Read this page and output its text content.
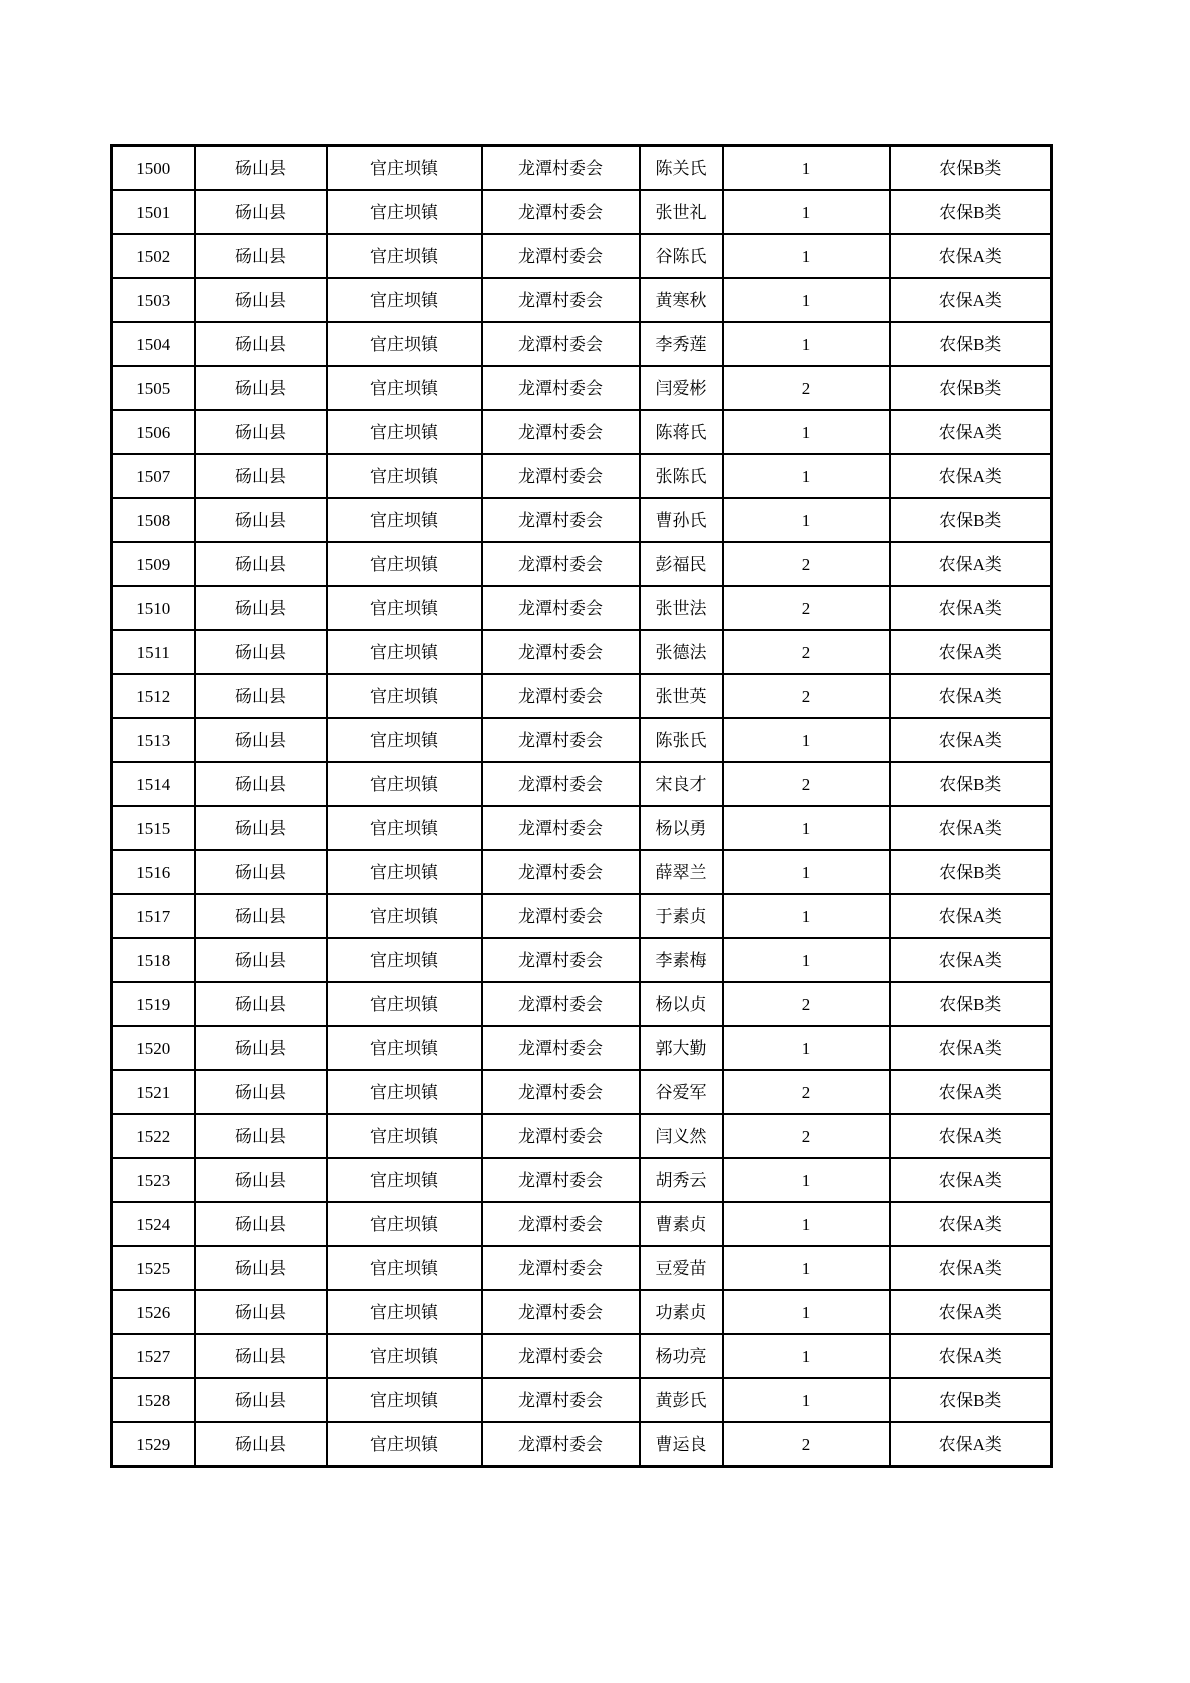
1500	砀山县	官庄坝镇	龙潭村委会	陈关氏	1	农保B类
1501	砀山县	官庄坝镇	龙潭村委会	张世礼	1	农保B类
1502	砀山县	官庄坝镇	龙潭村委会	谷陈氏	1	农保A类
1503	砀山县	官庄坝镇	龙潭村委会	黄寒秋	1	农保A类
1504	砀山县	官庄坝镇	龙潭村委会	李秀莲	1	农保B类
1505	砀山县	官庄坝镇	龙潭村委会	闫爱彬	2	农保B类
1506	砀山县	官庄坝镇	龙潭村委会	陈蒋氏	1	农保A类
1507	砀山县	官庄坝镇	龙潭村委会	张陈氏	1	农保A类
1508	砀山县	官庄坝镇	龙潭村委会	曹孙氏	1	农保B类
1509	砀山县	官庄坝镇	龙潭村委会	彭福民	2	农保A类
1510	砀山县	官庄坝镇	龙潭村委会	张世法	2	农保A类
1511	砀山县	官庄坝镇	龙潭村委会	张德法	2	农保A类
1512	砀山县	官庄坝镇	龙潭村委会	张世英	2	农保A类
1513	砀山县	官庄坝镇	龙潭村委会	陈张氏	1	农保A类
1514	砀山县	官庄坝镇	龙潭村委会	宋良才	2	农保B类
1515	砀山县	官庄坝镇	龙潭村委会	杨以勇	1	农保A类
1516	砀山县	官庄坝镇	龙潭村委会	薛翠兰	1	农保B类
1517	砀山县	官庄坝镇	龙潭村委会	于素贞	1	农保A类
1518	砀山县	官庄坝镇	龙潭村委会	李素梅	1	农保A类
1519	砀山县	官庄坝镇	龙潭村委会	杨以贞	2	农保B类
1520	砀山县	官庄坝镇	龙潭村委会	郭大勤	1	农保A类
1521	砀山县	官庄坝镇	龙潭村委会	谷爱军	2	农保A类
1522	砀山县	官庄坝镇	龙潭村委会	闫义然	2	农保A类
1523	砀山县	官庄坝镇	龙潭村委会	胡秀云	1	农保A类
1524	砀山县	官庄坝镇	龙潭村委会	曹素贞	1	农保A类
1525	砀山县	官庄坝镇	龙潭村委会	豆爱苗	1	农保A类
1526	砀山县	官庄坝镇	龙潭村委会	功素贞	1	农保A类
1527	砀山县	官庄坝镇	龙潭村委会	杨功亮	1	农保A类
1528	砀山县	官庄坝镇	龙潭村委会	黄彭氏	1	农保B类
1529	砀山县	官庄坝镇	龙潭村委会	曹运良	2	农保A类
